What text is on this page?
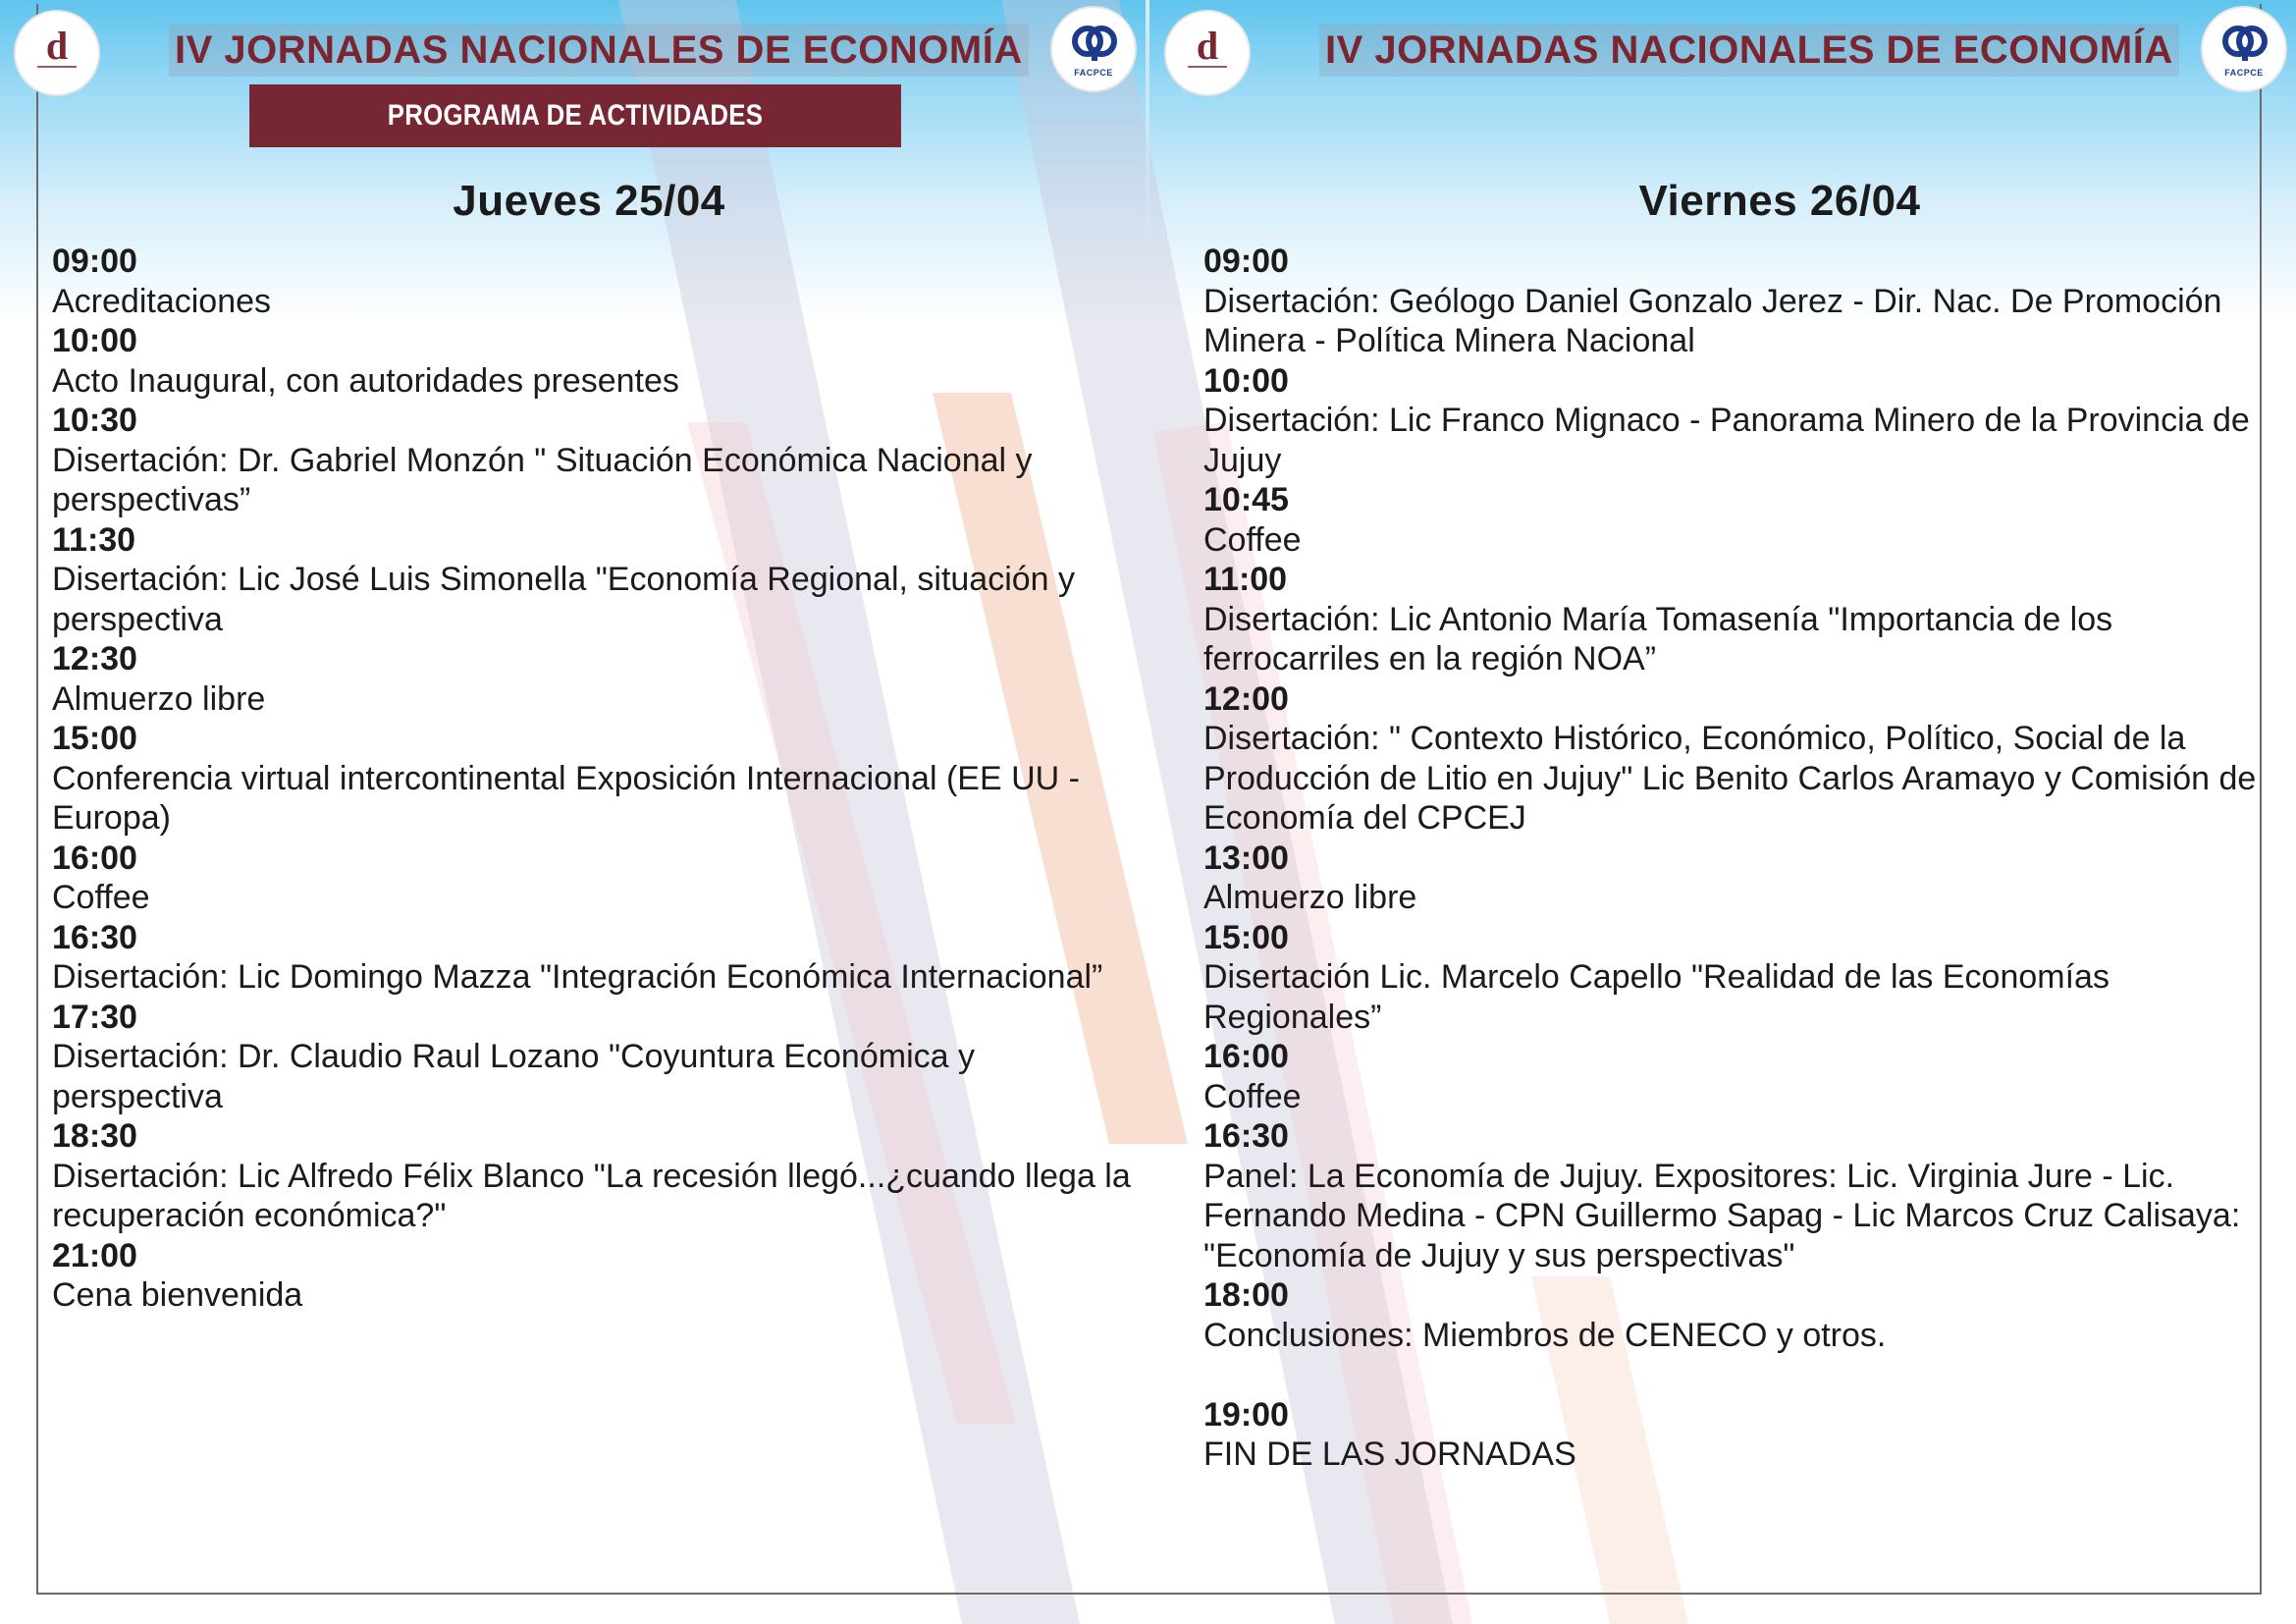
d	IV JORNADAS NACIONALES DE ECONOMÍA
FACPCE
PROGRAMA DE ACTIVIDADES
d	IV JORNADAS NACIONALES DE ECONOMÍA
FACPCE
Jueves 25/04	Viernes 26/04
09:00
Acreditaciones
10:00
Acto Inaugural, con autoridades presentes
10:30
Disertación: Dr. Gabriel Monzón " Situación Económica Nacional y perspectivas”
11:30
Disertación: Lic José Luis Simonella "Economía Regional, situación y perspectiva
12:30
Almuerzo libre
15:00
Conferencia virtual intercontinental Exposición Internacional (EE UU - Europa)
16:00
Coffee
16:30
Disertación: Lic Domingo Mazza "Integración Económica Internacional”
17:30
Disertación: Dr. Claudio Raul Lozano "Coyuntura Económica y perspectiva
18:30
Disertación: Lic Alfredo Félix Blanco "La recesión llegó...¿cuando llega la recuperación económica?"
21:00
Cena bienvenida
09:00
Disertación: Geólogo Daniel Gonzalo Jerez - Dir. Nac. De Promoción Minera - Política Minera Nacional
10:00
Disertación: Lic Franco Mignaco - Panorama Minero de la Provincia de Jujuy
10:45
Coffee
11:00
Disertación: Lic Antonio María Tomasenía "Importancia de los ferrocarriles en la región NOA”
12:00
Disertación: " Contexto Histórico, Económico, Político, Social de la Producción de Litio en Jujuy" Lic Benito Carlos Aramayo y Comisión de Economía del CPCEJ
13:00
Almuerzo libre
15:00
Disertación Lic. Marcelo Capello "Realidad de las Economías Regionales”
16:00
Coffee
16:30
Panel: La Economía de Jujuy. Expositores: Lic. Virginia Jure - Lic. Fernando Medina - CPN Guillermo Sapag - Lic Marcos Cruz Calisaya: "Economía de Jujuy y sus perspectivas"
18:00
Conclusiones: Miembros de CENECO y otros.
19:00
FIN DE LAS JORNADAS
